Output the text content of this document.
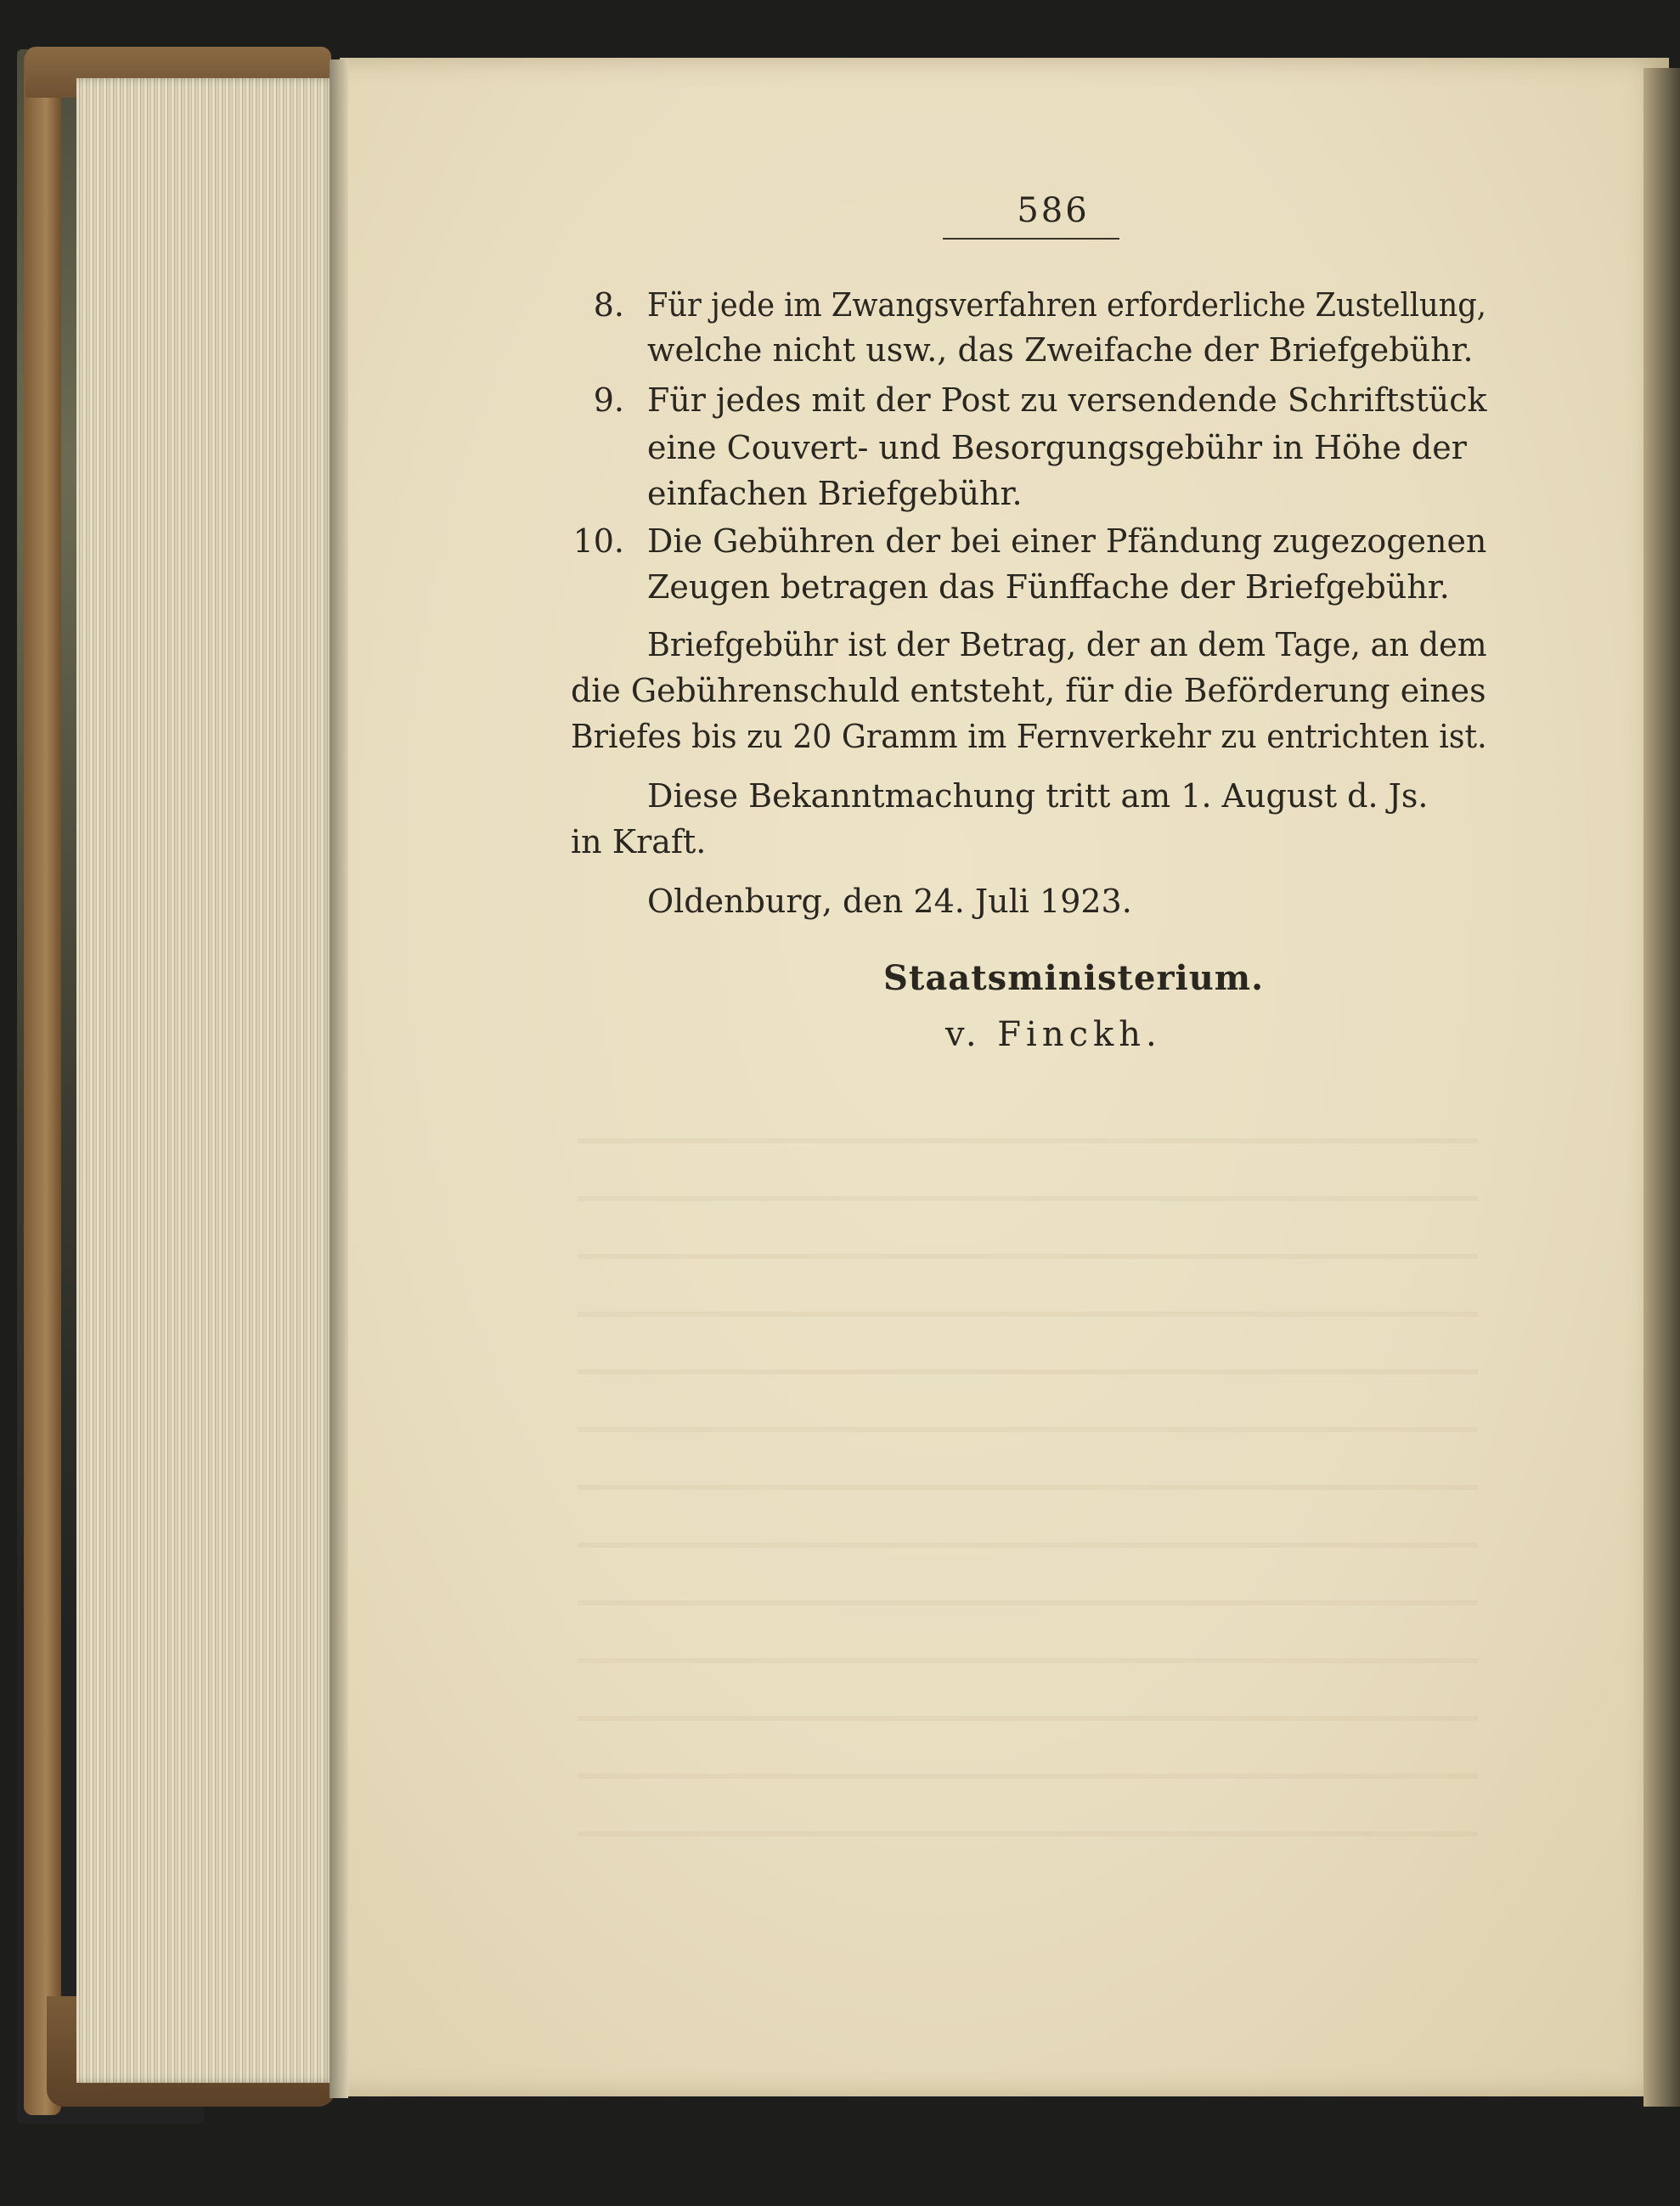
586
8. Für jede im Zwangsverfahren erforderliche Zustellung,
welche nicht usw., das Zweifache der Briefgebühr.
9. Für jedes mit der Post zu versendende Schriftstück
eine Couvert- und Besorgungsgebühr in Höhe der
einfachen Briefgebühr.
10. Die Gebühren der bei einer Pfändung zugezogenen
Zeugen betragen das Fünffache der Briefgebühr.
Briefgebühr ist der Betrag, der an dem Tage, an dem
die Gebührenschuld entsteht, für die Beförderung eines
Briefes bis zu 20 Gramm im Fernverkehr zu entrichten ist.
Diese Bekanntmachung tritt am 1. August d. Js.
in Kraft.
Oldenburg, den 24. Juli 1923.
Staatsministerium.
v. Finckh.
